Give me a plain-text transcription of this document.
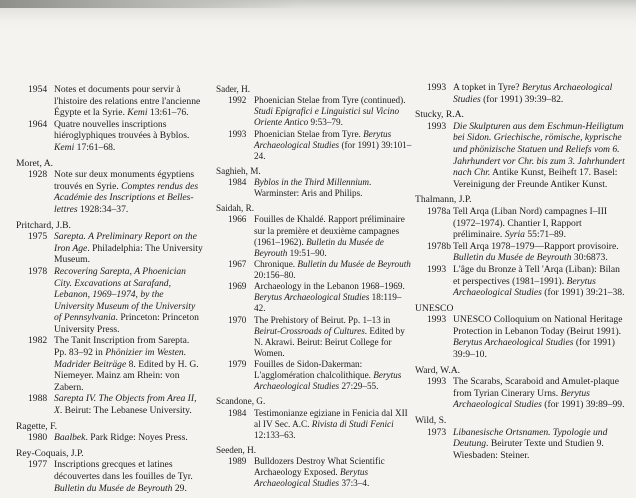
1954 Notes et documents pour servir à l'histoire des relations entre l'ancienne Égypte et la Syrie. Kemi 13:61–76.
1964 Quatre nouvelles inscriptions hiéroglyphiques trouvées à Byblos. Kemi 17:61–68.
Moret, A.
1928 Note sur deux monuments égyptiens trouvés en Syrie. Comptes rendus des Académie des Inscriptions et Belles-lettres 1928:34–37.
Pritchard, J.B.
1975 Sarepta. A Preliminary Report on the Iron Age. Philadelphia: The University Museum.
1978 Recovering Sarepta, A Phoenician City. Excavations at Sarafand, Lebanon, 1969–1974, by the University Museum of the University of Pennsylvania. Princeton: Princeton University Press.
1982 The Tanit Inscription from Sarepta. Pp. 83–92 in Phönizier im Westen. Madrider Beiträge 8. Edited by H. G. Niemeyer. Mainz am Rhein: von Zabern.
1988 Sarepta IV. The Objects from Area II, X. Beirut: The Lebanese University.
Ragette, F.
1980 Baalbek. Park Ridge: Noyes Press.
Rey-Coquais, J.P.
1977 Inscriptions grecques et latines découvertes dans les fouilles de Tyr. Bulletin du Musée de Beyrouth 29.
Sader, H.
1992 Phoenician Stelae from Tyre (continued). Studi Epigrafici e Linguistici sul Vicino Oriente Antico 9:53–79.
1993 Phoenician Stelae from Tyre. Berytus Archaeological Studies (for 1991) 39:101–24.
Saghieh, M.
1984 Byblos in the Third Millennium. Warminster: Aris and Philips.
Saidah, R.
1966 Fouilles de Khaldé. Rapport préliminaire sur la première et deuxième campagnes (1961–1962). Bulletin du Musée de Beyrouth 19:51–90.
1967 Chronique. Bulletin du Musée de Beyrouth 20:156–80.
1969 Archaeology in the Lebanon 1968–1969. Berytus Archaeological Studies 18:119–42.
1970 The Prehistory of Beirut. Pp. 1–13 in Beirut-Crossroads of Cultures. Edited by N. Akrawi. Beirut: Beirut College for Women.
1979 Fouilles de Sidon-Dakerman: L'agglomération chalcolithique. Berytus Archaeological Studies 27:29–55.
Scandone, G.
1984 Testimonianze egiziane in Fenicia dal XII al IV Sec. A.C. Rivista di Studi Fenici 12:133–63.
Seeden, H.
1989 Bulldozers Destroy What Scientific Archaeology Exposed. Berytus Archaeological Studies 37:3–4.
1993 A topket in Tyre? Berytus Archaeological Studies (for 1991) 39:39–82.
Stucky, R.A.
1993 Die Skulpturen aus dem Eschmun-Heiligtum bei Sidon. Griechische, römische, kyprische und phönizische Statuen und Reliefs vom 6. Jahrhundert vor Chr. bis zum 3. Jahrhundert nach Chr. Antike Kunst, Beiheft 17. Basel: Vereinigung der Freunde Antiker Kunst.
Thalmann, J.P.
1978a Tell Arqa (Liban Nord) campagnes I–III (1972–1974). Chantier I, Rapport préliminaire. Syria 55:71–89.
1978b Tell Arqa 1978–1979—Rapport provisoire. Bulletin du Musée de Beyrouth 30:6873.
1993 L'âge du Bronze à Tell 'Arqa (Liban): Bilan et perspectives (1981–1991). Berytus Archaeological Studies (for 1991) 39:21–38.
UNESCO
1993 UNESCO Colloquium on National Heritage Protection in Lebanon Today (Beirut 1991). Berytus Archaeological Studies (for 1991) 39:9–10.
Ward, W.A.
1993 The Scarabs, Scaraboid and Amulet-plaque from Tyrian Cinerary Urns. Berytus Archaeological Studies (for 1991) 39:89–99.
Wild, S.
1973 Libanesische Ortsnamen. Typologie und Deutung. Beiruter Texte und Studien 9. Wiesbaden: Steiner.
